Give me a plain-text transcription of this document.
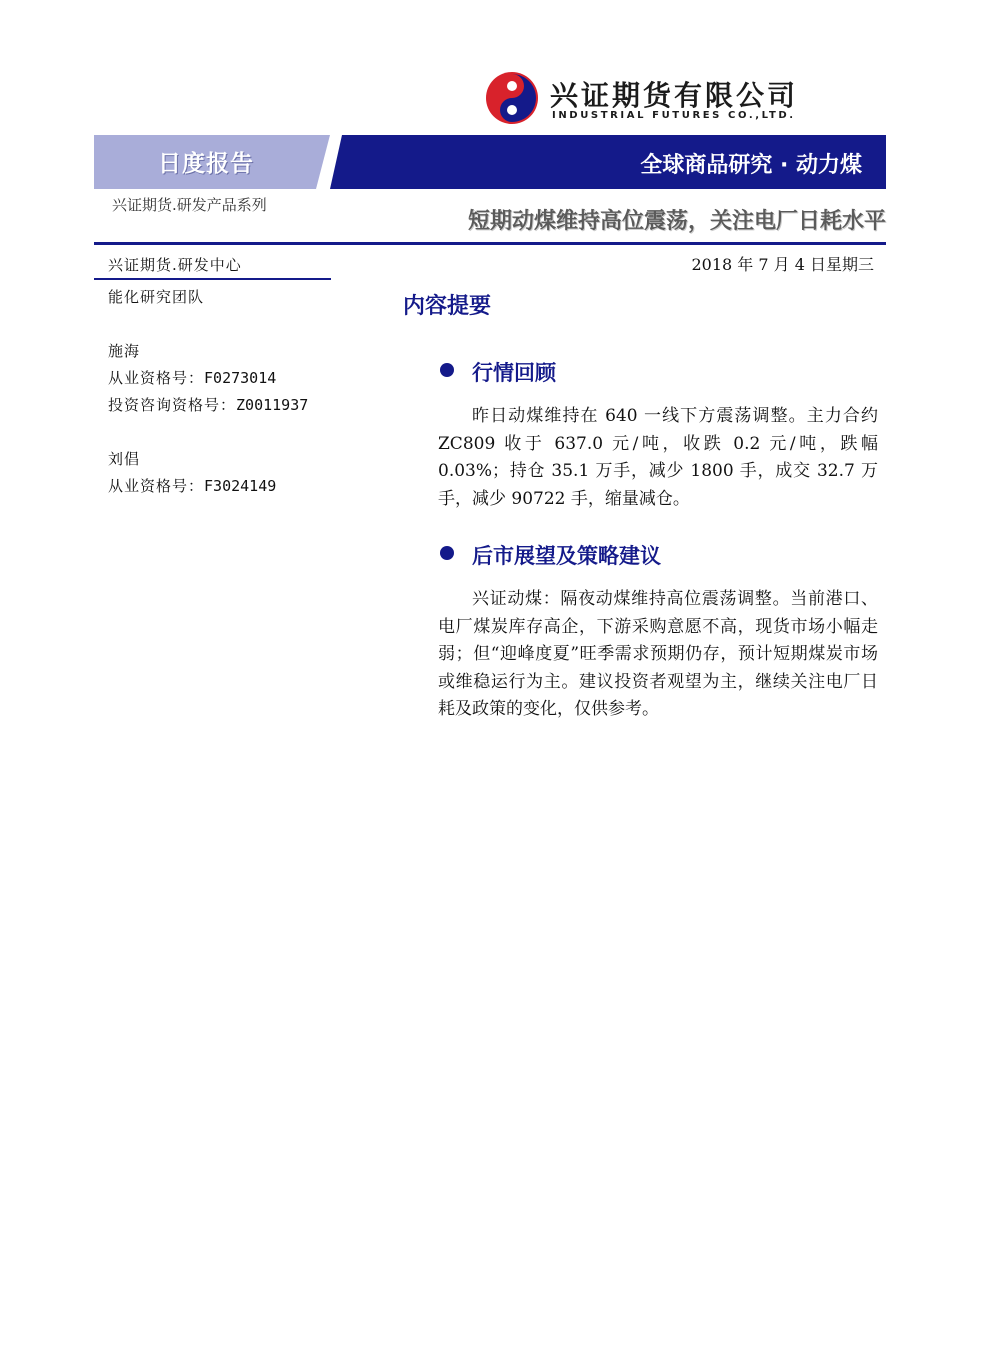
兴证期货有限公司
INDUSTRIAL FUTURES CO.,LTD.
日度报告	全球商品研究 · 动力煤
兴证期货.研发产品系列
短期动煤维持高位震荡，关注电厂日耗水平
兴证期货.研发中心
能化研究团队
施海
从业资格号：F0273014
投资咨询资格号：Z0011937
刘倡
从业资格号：F3024149
2018 年 7 月 4 日星期三
内容提要
行情回顾
昨日动煤维持在 640 一线下方震荡调整。主力合约 ZC809 收于 637.0 元/吨，收跌 0.2 元/吨，跌幅 0.03%；持仓 35.1 万手，减少 1800 手，成交 32.7 万手，减少 90722 手，缩量减仓。
后市展望及策略建议
兴证动煤：隔夜动煤维持高位震荡调整。当前港口、电厂煤炭库存高企，下游采购意愿不高，现货市场小幅走弱；但“迎峰度夏”旺季需求预期仍存，预计短期煤炭市场或维稳运行为主。建议投资者观望为主，继续关注电厂日耗及政策的变化，仅供参考。
